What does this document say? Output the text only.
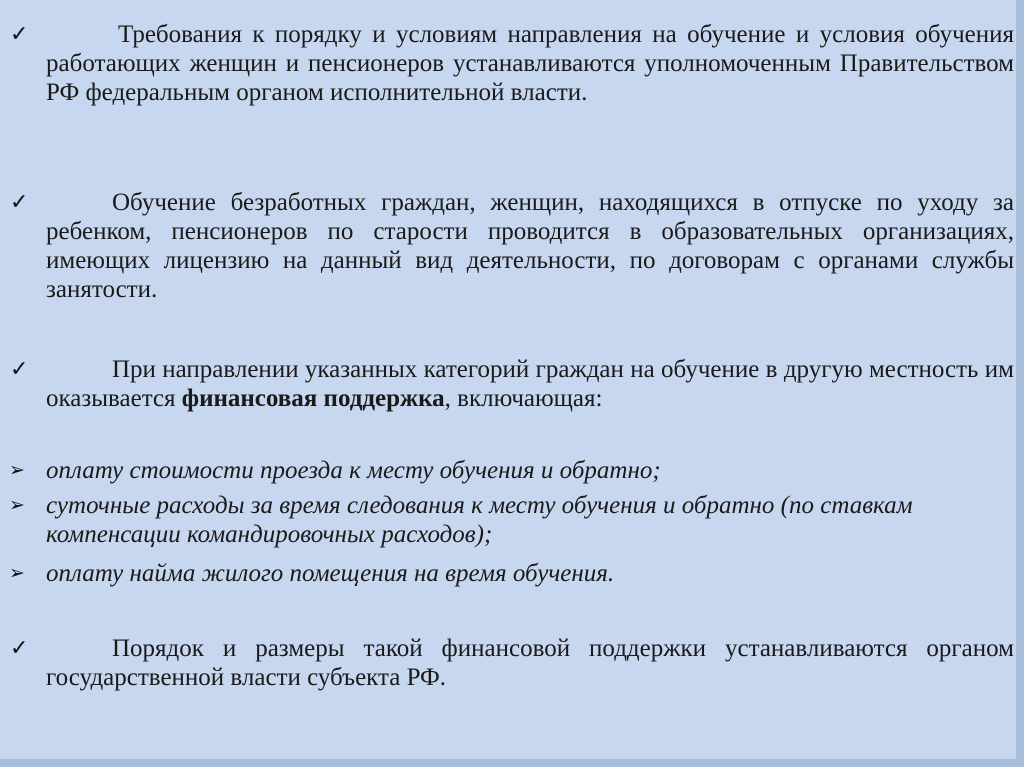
✓	Требования к порядку и условиям направления на обучение и условия обучения работающих женщин и пенсионеров устанавливаются уполномоченным Правительством РФ федеральным органом исполнительной власти.

✓	Обучение безработных граждан, женщин, находящихся в отпуске по уходу за ребенком, пенсионеров по старости проводится в образовательных организациях, имеющих лицензию на данный вид деятельности, по договорам с органами службы занятости.

✓	При направлении указанных категорий граждан на обучение в другую местность им оказывается финансовая поддержка, включающая:

➢ оплату стоимости проезда к месту обучения и обратно;

➢ суточные расходы за время следования к месту обучения и обратно (по ставкам компенсации командировочных расходов);

➢ оплату найма жилого помещения на время обучения.

✓	Порядок и размеры такой финансовой поддержки устанавливаются органом государственной власти субъекта РФ.
